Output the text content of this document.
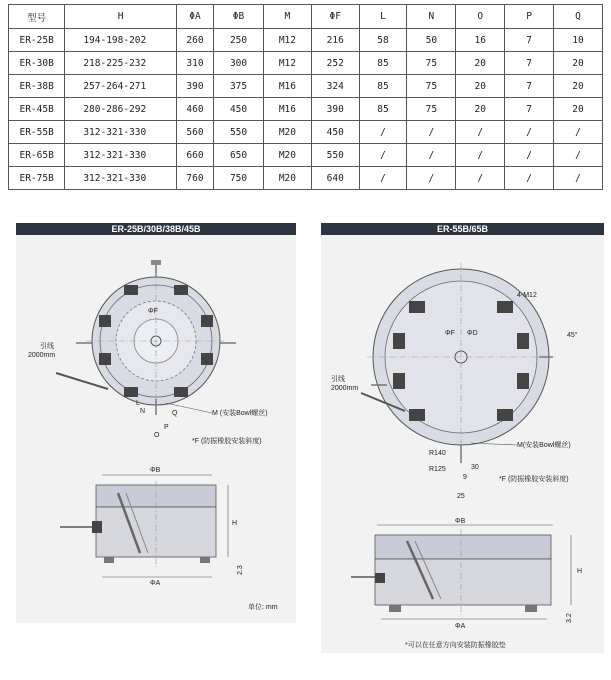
型号	H	ΦA	ΦB	M	ΦF	L	N	O	P	Q
ER-25B	194-198-202	260	250	M12	216	58	50	16	7	10
ER-30B	218-225-232	310	300	M12	252	85	75	20	7	20
ER-38B	257-264-271	390	375	M16	324	85	75	20	7	20
ER-45B	280-286-292	460	450	M16	390	85	75	20	7	20
ER-55B	312-321-330	560	550	M20	450	/	/	/	/	/
ER-65B	312-321-330	660	650	M20	550	/	/	/	/	/
ER-75B	312-321-330	760	750	M20	640	/	/	/	/	/
ER-25B/30B/38B/45B
引线
2000mm
ΦF
L
N
P
O
Q	M (安装Bowl螺丝)
*F (防振橡胶安装斜度)
ΦB
ΦA
H
2.3
单位: mm
ER-55B/65B
4-M12
45°
ΦF ΦD
引线
2000mm
M(安装Bowl螺丝)
R140
R125
9
30
25
*F (防振橡胶安装斜度)
ΦB
ΦA
H
3.2
*可以在任意方向安装防振橡胶垫
